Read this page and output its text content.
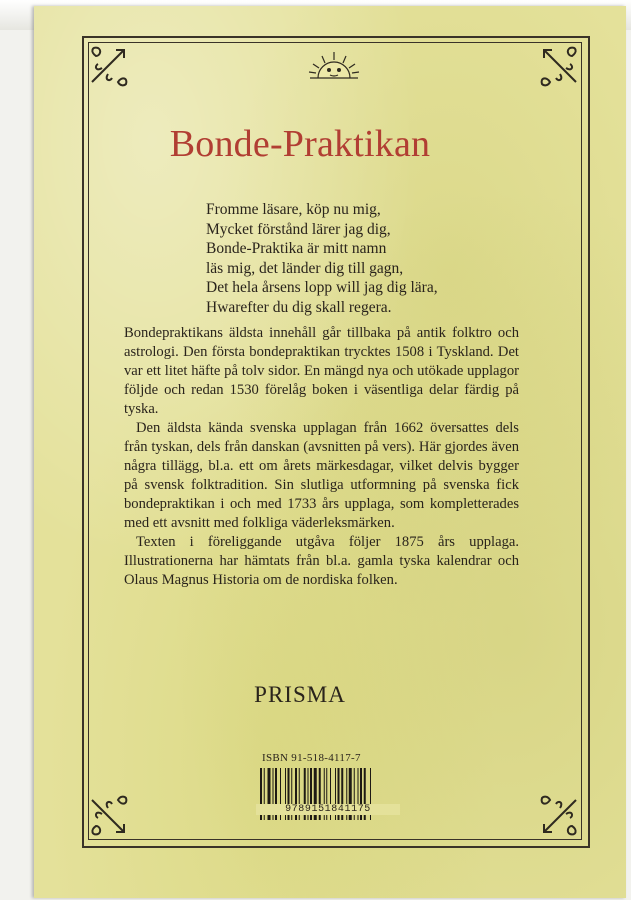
Bonde-Praktikan
Fromme läsare, köp nu mig,
Mycket förstånd lärer jag dig,
Bonde-Praktika är mitt namn
läs mig, det länder dig till gagn,
Det hela årsens lopp will jag dig lära,
Hwarefter du dig skall regera.

Bondepraktikans äldsta innehåll går tillbaka på antik folktro och astrologi. Den första bondepraktikan trycktes 1508 i Tyskland. Det var ett litet häfte på tolv sidor. En mängd nya och utökade upplagor följde och redan 1530 förelåg boken i väsentliga delar färdig på tyska.

Den äldsta kända svenska upplagan från 1662 översattes dels från tyskan, dels från danskan (avsnitten på vers). Här gjordes även några tillägg, bl.a. ett om årets märkesdagar, vilket delvis bygger på svensk folktradition. Sin slutliga utformning på svenska fick bondepraktikan i och med 1733 års upplaga, som kompletterades med ett avsnitt med folkliga väderleksmärken.

Texten i föreliggande utgåva följer 1875 års upplaga. Illustrationerna har hämtats från bl.a. gamla tyska kalendrar och Olaus Magnus Historia om de nordiska folken.

PRISMA
ISBN 91-518-4117-7
9789151841175
